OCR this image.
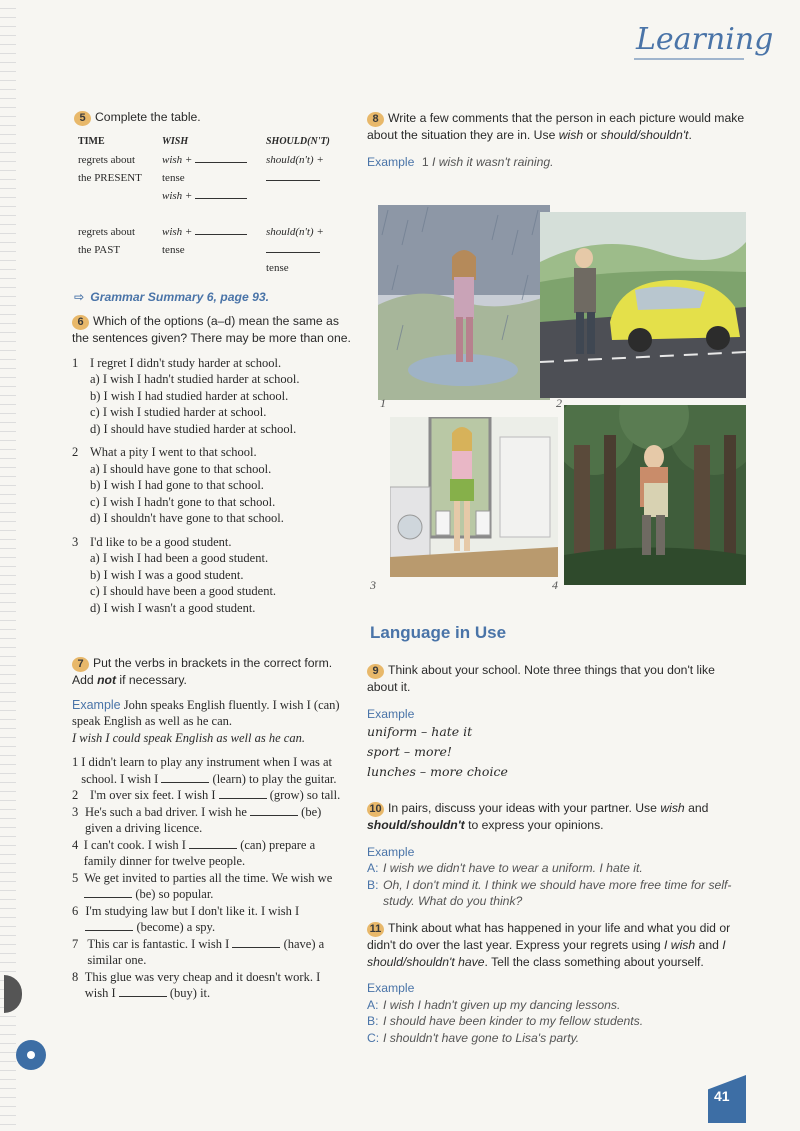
Learning
5 Complete the table.
TIME	WISH	SHOULD(N'T)
regrets about	wish +	should(n't) +
the PRESENT	tense	
	wish +	

regrets about	wish +	should(n't) +
the PAST	tense	
		tense
⇨ Grammar Summary 6, page 93.
6 Which of the options (a–d) mean the same as the sentences given? There may be more than one.
1 I regret I didn't study harder at school.
a) I wish I hadn't studied harder at school.
b) I wish I had studied harder at school.
c) I wish I studied harder at school.
d) I should have studied harder at school.
2 What a pity I went to that school.
a) I should have gone to that school.
b) I wish I had gone to that school.
c) I wish I hadn't gone to that school.
d) I shouldn't have gone to that school.
3 I'd like to be a good student.
a) I wish I had been a good student.
b) I wish I was a good student.
c) I should have been a good student.
d) I wish I wasn't a good student.
7 Put the verbs in brackets in the correct form. Add not if necessary.
Example John speaks English fluently. I wish I (can) speak English as well as he can.
I wish I could speak English as well as he can.
1 I didn't learn to play any instrument when I was at school. I wish I	(learn) to play the guitar.
2 I'm over six feet. I wish I	(grow) so tall.
3 He's such a bad driver. I wish he	(be) given a driving licence.
4 I can't cook. I wish I	(can) prepare a family dinner for twelve people.
5 We get invited to parties all the time. We wish we  (be) so popular.
6 I'm studying law but I don't like it. I wish I  (become) a spy.
7 This car is fantastic. I wish I	(have) a similar one.
8 This glue was very cheap and it doesn't work. I wish I	(buy) it.
8 Write a few comments that the person in each picture would make about the situation they are in. Use wish or should/shouldn't.
Example 1 I wish it wasn't raining.
1	2
3	4
Language in Use
9 Think about your school. Note three things that you don't like about it.
Example
uniform – hate it
sport – more!
lunches – more choice
10 In pairs, discuss your ideas with your partner. Use wish and should/shouldn't to express your opinions.
Example
A: I wish we didn't have to wear a uniform. I hate it.
B: Oh, I don't mind it. I think we should have more free time for self-study. What do you think?
11 Think about what has happened in your life and what you did or didn't do over the last year. Express your regrets using I wish and I should/shouldn't have. Tell the class something about yourself.
Example
A: I wish I hadn't given up my dancing lessons.
B: I should have been kinder to my fellow students.
C: I shouldn't have gone to Lisa's party.
41
